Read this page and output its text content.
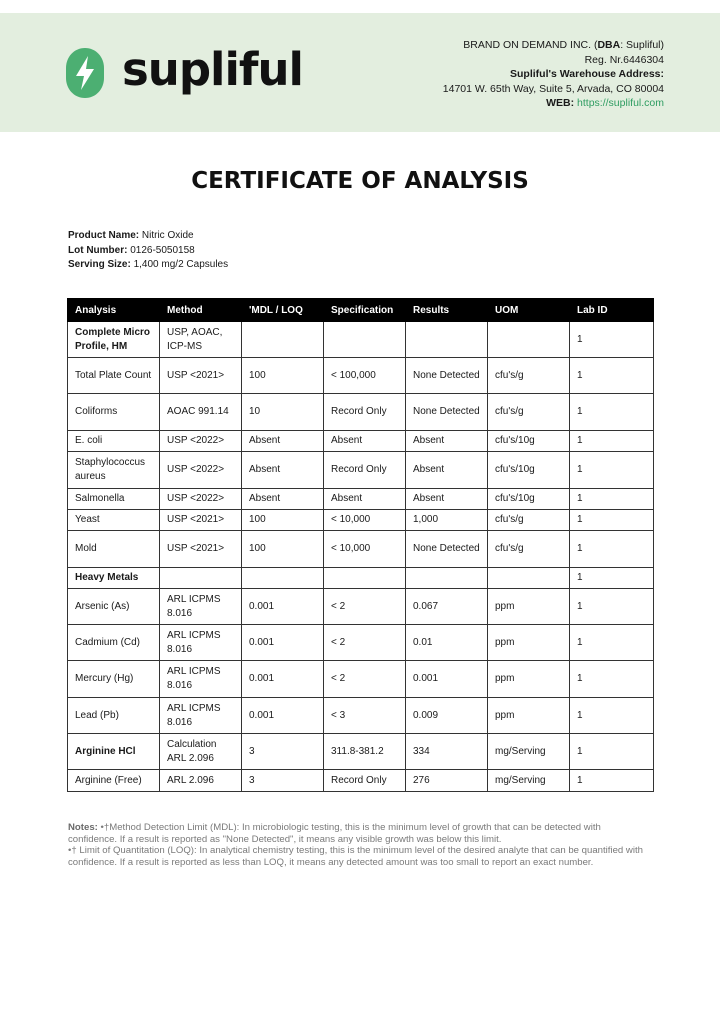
supliful	BRAND ON DEMAND INC. (DBA: Supliful)
Reg. Nr.6446304
Supliful's Warehouse Address:
14701 W. 65th Way, Suite 5, Arvada, CO 80004
WEB: https://supliful.com
CERTIFICATE OF ANALYSIS
Product Name: Nitric Oxide
Lot Number: 0126-5050158
Serving Size: 1,400 mg/2 Capsules
Analysis	Method	'MDL / LOQ	Specification	Results	UOM	Lab ID
Complete Micro Profile, HM	USP, AOAC, ICP-MS					1
Total Plate Count	USP <2021>	100	< 100,000	None Detected	cfu's/g	1
Coliforms	AOAC 991.14	10	Record Only	None Detected	cfu's/g	1
E. coli	USP <2022>	Absent	Absent	Absent	cfu's/10g	1
Staphylococcus aureus	USP <2022>	Absent	Record Only	Absent	cfu's/10g	1
Salmonella	USP <2022>	Absent	Absent	Absent	cfu's/10g	1
Yeast	USP <2021>	100	< 10,000	1,000	cfu's/g	1
Mold	USP <2021>	100	< 10,000	None Detected	cfu's/g	1
Heavy Metals						1
Arsenic (As)	ARL ICPMS 8.016	0.001	< 2	0.067	ppm	1
Cadmium (Cd)	ARL ICPMS 8.016	0.001	< 2	0.01	ppm	1
Mercury (Hg)	ARL ICPMS 8.016	0.001	< 2	0.001	ppm	1
Lead (Pb)	ARL ICPMS 8.016	0.001	< 3	0.009	ppm	1
Arginine HCl	Calculation ARL 2.096	3	311.8-381.2	334	mg/Serving	1
Arginine (Free)	ARL 2.096	3	Record Only	276	mg/Serving	1

Notes: •†Method Detection Limit (MDL): In microbiologic testing, this is the minimum level of growth that can be detected with

confidence. If a result is reported as "None Detected", it means any visible growth was below this limit.

•† Limit of Quantitation (LOQ): In analytical chemistry testing, this is the minimum level of the desired analyte that can be quantified with confidence. If a result is reported as less than LOQ, it means any detected amount was too small to report an exact number.
